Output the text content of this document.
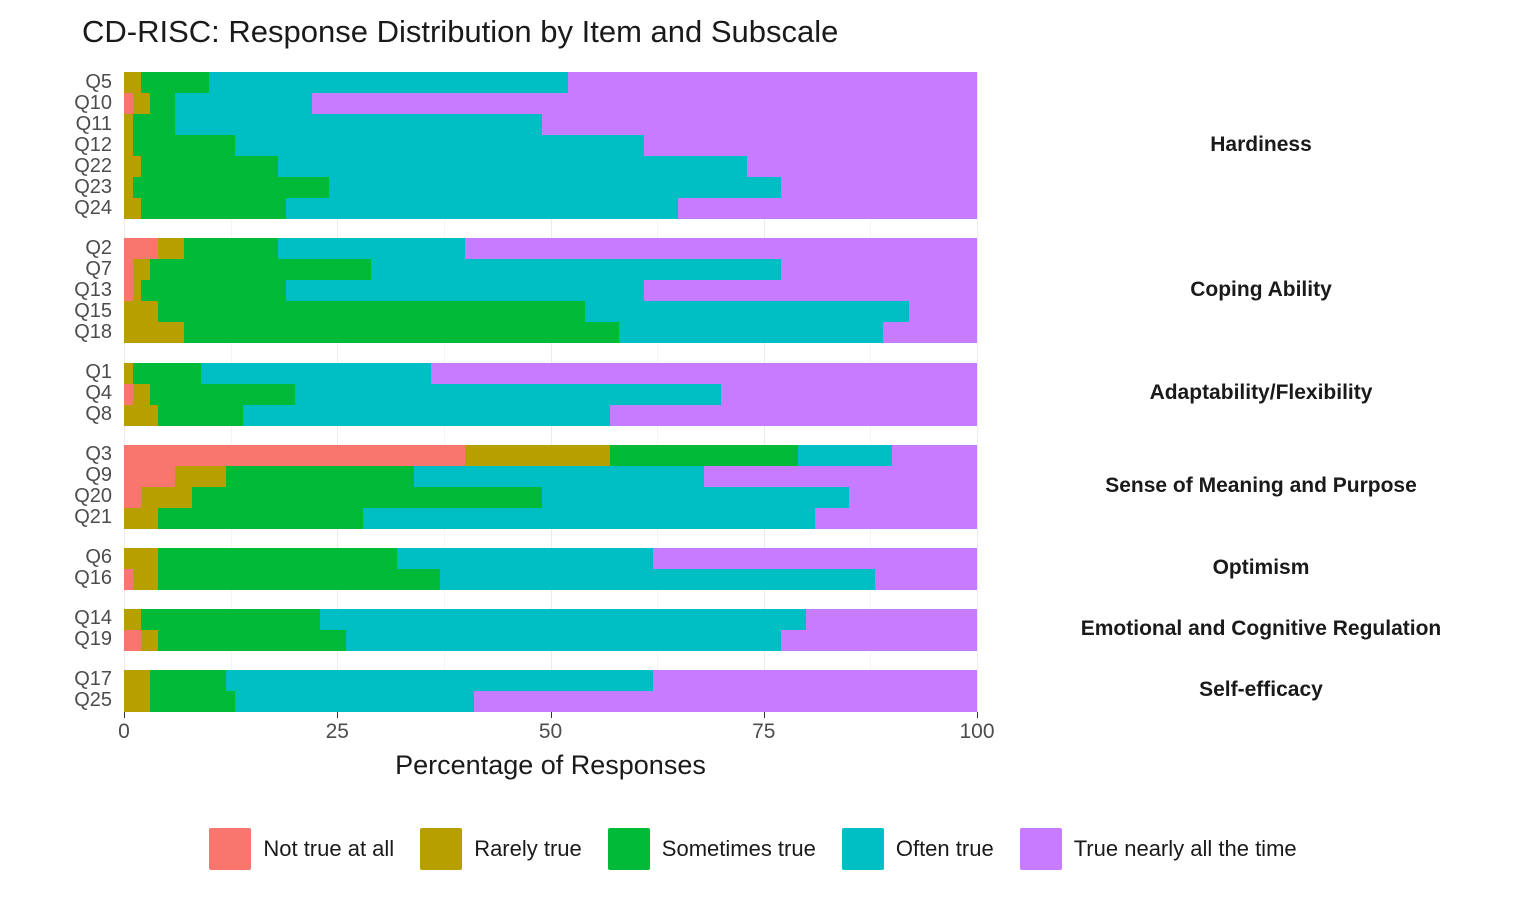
CD-RISC: Response Distribution by Item and Subscale
Q5
Q10
Q11
Q12
Q22
Q23
Q24
Q2
Q7
Q13
Q15
Q18
Q1
Q4
Q8
Q3
Q9
Q20
Q21
Q6
Q16
Q14
Q19
Q17
Q25
0	25	50	75	100
Percentage of Responses
Hardiness
Coping Ability
Adaptability/Flexibility
Sense of Meaning and Purpose
Optimism
Emotional and Cognitive Regulation
Self-efficacy
Not true at all	Rarely true	Sometimes true	Often true	True nearly all the time
